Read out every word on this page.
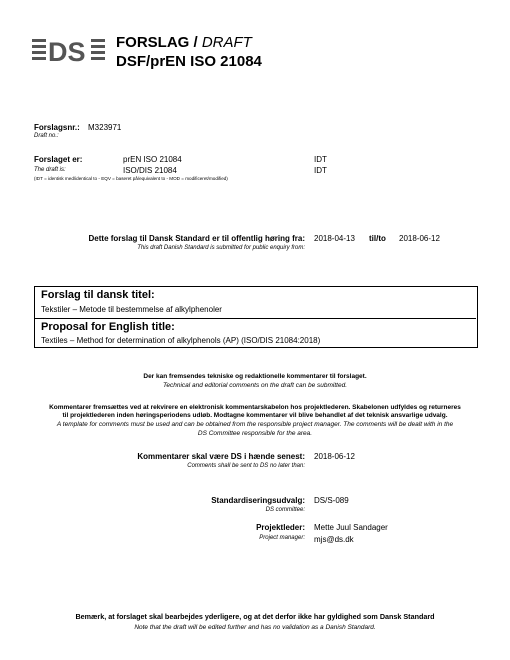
DS FORSLAG / DRAFT
DSF/prEN ISO 21084
Forslagsnr.: M323971
Draft no.:
Forslaget er:	prEN ISO 21084	IDT
The draft is:	ISO/DIS 21084	IDT
(IDT = identisk med/identical to - EQV = baseret på/equivalent to - MOD = modificeret/modified)
Dette forslag til Dansk Standard er til offentlig høring fra: 2018-04-13 til/to 2018-06-12
This draft Danish Standard is submitted for public enquiry from:
Forslag til dansk titel:
Tekstiler – Metode til bestemmelse af alkylphenoler
Proposal for English title:
Textiles – Method for determination of alkylphenols (AP) (ISO/DIS 21084:2018)
Der kan fremsendes tekniske og redaktionelle kommentarer til forslaget.
Technical and editorial comments on the draft can be submitted.
Kommentarer fremsættes ved at rekvirere en elektronisk kommentarskabelon hos projektlederen. Skabelonen udfyldes og returneres
til projektlederen inden høringsperiodens udløb. Modtagne kommentarer vil blive behandlet af det teknisk ansvarlige udvalg.
A template for comments must be used and can be obtained from the responsible project manager. The comments will be dealt with in the
DS Committee responsible for the area.
Kommentarer skal være DS i hænde senest: 2018-06-12
Comments shall be sent to DS no later than:
Standardiseringsudvalg: DS/S-089
DS committee:
Projektleder: Mette Juul Sandager
Project manager: mjs@ds.dk
Bemærk, at forslaget skal bearbejdes yderligere, og at det derfor ikke har gyldighed som Dansk Standard
Note that the draft will be edited further and has no validation as a Danish Standard.
